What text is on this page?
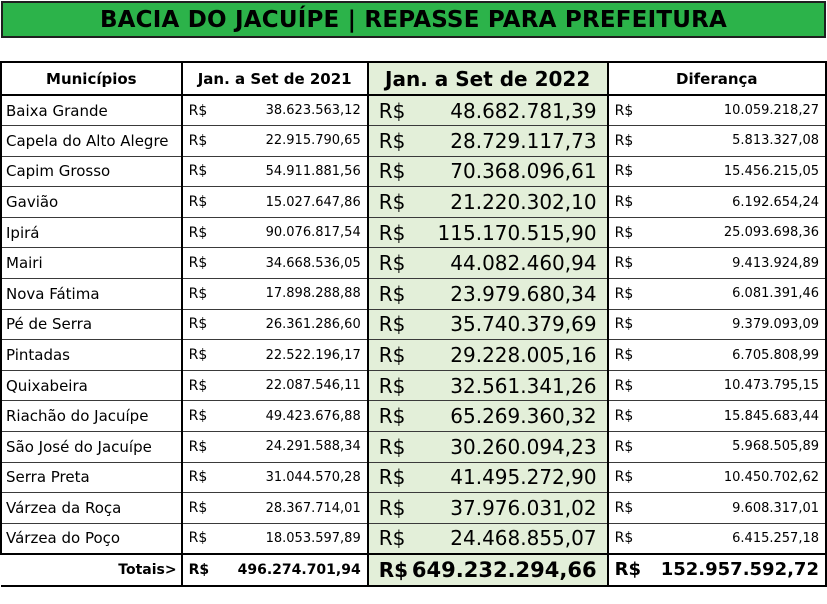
BACIA DO JACUÍPE | REPASSE PARA PREFEITURA
Municípios	Jan. a Set de 2021	Jan. a Set de 2022	Diferança
Baixa Grande	R$ 38.623.563,12	R$ 48.682.781,39	R$ 10.059.218,27

Capela do Alto Alegre	R$ 22.915.790,65	R$ 28.729.117,73	R$ 5.813.327,08

Capim Grosso	R$ 54.911.881,56	R$ 70.368.096,61	R$ 15.456.215,05

Gavião	R$ 15.027.647,86	R$ 21.220.302,10	R$ 6.192.654,24

Ipirá	R$ 90.076.817,54	R$ 115.170.515,90	R$ 25.093.698,36

Mairi	R$ 34.668.536,05	R$ 44.082.460,94	R$ 9.413.924,89

Nova Fátima	R$ 17.898.288,88	R$ 23.979.680,34	R$ 6.081.391,46

Pé de Serra	R$ 26.361.286,60	R$ 35.740.379,69	R$ 9.379.093,09

Pintadas	R$ 22.522.196,17	R$ 29.228.005,16	R$ 6.705.808,99

Quixabeira	R$ 22.087.546,11	R$ 32.561.341,26	R$ 10.473.795,15

Riachão do Jacuípe	R$ 49.423.676,88	R$ 65.269.360,32	R$ 15.845.683,44

São José do Jacuípe	R$ 24.291.588,34	R$ 30.260.094,23	R$ 5.968.505,89

Serra Preta	R$ 31.044.570,28	R$ 41.495.272,90	R$ 10.450.702,62

Várzea da Roça	R$ 28.367.714,01	R$ 37.976.031,02	R$ 9.608.317,01

Várzea do Poço	R$ 18.053.597,89	R$ 24.468.855,07	R$ 6.415.257,18

Totais>	R$ 496.274.701,94	R$ 649.232.294,66	R$ 152.957.592,72
